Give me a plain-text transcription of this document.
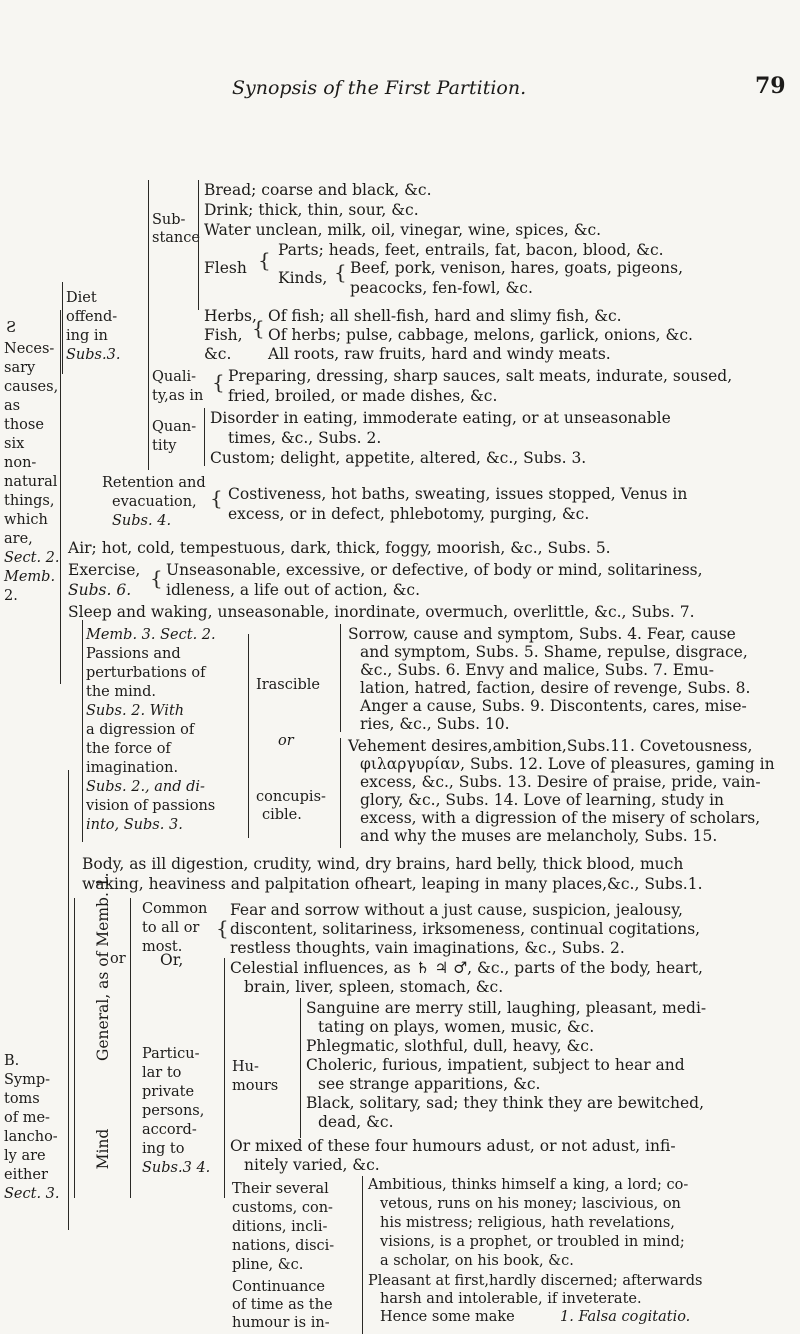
Synopsis of the First Partition.	79
Ƨ
Neces-
sary
causes,
as
those
six
non-
natural
things,
which
are,
Sect. 2.
Memb.
2.
B.
Symp-
toms
of me-
lancho-
ly are
either
Sect. 3.
Diet
offend-
ing in
Subs.3.
Sub-
stance
Bread; coarse and black, &c.
Drink; thick, thin, sour, &c.
Water unclean, milk, oil, vinegar, wine, spices, &c.
Flesh { Parts; heads, feet, entrails, fat, bacon, blood, &c.
Kinds, { Beef, pork, venison, hares, goats, pigeons,
peacocks, fen-fowl, &c.
Herbs,
Fish,
&c.
{ Of fish; all shell-fish, hard and slimy fish, &c.
Of herbs; pulse, cabbage, melons, garlick, onions, &c.
All roots, raw fruits, hard and windy meats.
Quali-
ty,as in
{ Preparing, dressing, sharp sauces, salt meats, indurate, soused,
fried, broiled, or made dishes, &c.
Quan-
tity
Disorder in eating, immoderate eating, or at unseasonable
times, &c., Subs. 2.
Custom; delight, appetite, altered, &c., Subs. 3.
Retention and
evacuation,
Subs. 4.
{ Costiveness, hot baths, sweating, issues stopped, Venus in
excess, or in defect, phlebotomy, purging, &c.
Air; hot, cold, tempestuous, dark, thick, foggy, moorish, &c., Subs. 5.
Exercise,
Subs. 6. { Unseasonable, excessive, or defective, of body or mind, solitariness,
idleness, a life out of action, &c.
Sleep and waking, unseasonable, inordinate, overmuch, overlittle, &c., Subs. 7.
Memb. 3. Sect. 2.
Passions and
perturbations of
the mind.
Subs. 2. With
a digression of
the force of
imagination.
Subs. 2., and di-
vision of passions
into, Subs. 3.
Irascible
or
concupis-
cible.
Sorrow, cause and symptom, Subs. 4. Fear, cause
and symptom, Subs. 5. Shame, repulse, disgrace,
&c., Subs. 6. Envy and malice, Subs. 7. Emu-
lation, hatred, faction, desire of revenge, Subs. 8.
Anger a cause, Subs. 9. Discontents, cares, mise-
ries, &c., Subs. 10.
Vehement desires,ambition,Subs.11. Covetousness,
φιλαργυρίαν, Subs. 12. Love of pleasures, gaming in
excess, &c., Subs. 13. Desire of praise, pride, vain-
glory, &c., Subs. 14. Love of learning, study in
excess, with a digression of the misery of scholars,
and why the muses are melancholy, Subs. 15.
Body, as ill digestion, crudity, wind, dry brains, hard belly, thick blood, much
waking, heaviness and palpitation ofheart, leaping in many places,&c., Subs.1.
General, as of Memb. 1.
or
Mind
Common
to all or
most.
{
Fear and sorrow without a just cause, suspicion, jealousy,
discontent, solitariness, irksomeness, continual cogitations,
restless thoughts, vain imaginations, &c., Subs. 2.
Or,
Particu-
lar to
private
persons,
accord-
ing to
Subs.3 4.
Celestial influences, as ♄ ♃ ♂, &c., parts of the body, heart,
brain, liver, spleen, stomach, &c.
Hu-
mours
Sanguine are merry still, laughing, pleasant, medi-
tating on plays, women, music, &c.
Phlegmatic, slothful, dull, heavy, &c.
Choleric, furious, impatient, subject to hear and
see strange apparitions, &c.
Black, solitary, sad; they think they are bewitched,
dead, &c.
Or mixed of these four humours adust, or not adust, infi-
nitely varied, &c.
Their several
customs, con-
ditions, incli-
nations, disci-
pline, &c.
Ambitious, thinks himself a king, a lord; co-
vetous, runs on his money; lascivious, on
his mistress; religious, hath revelations,
visions, is a prophet, or troubled in mind;
a scholar, on his book, &c.
Continuance
of time as the
humour is in-
Pleasant at first,hardly discerned; afterwards
harsh and intolerable, if inveterate.
Hence some make	1. Falsa cogitatio.
